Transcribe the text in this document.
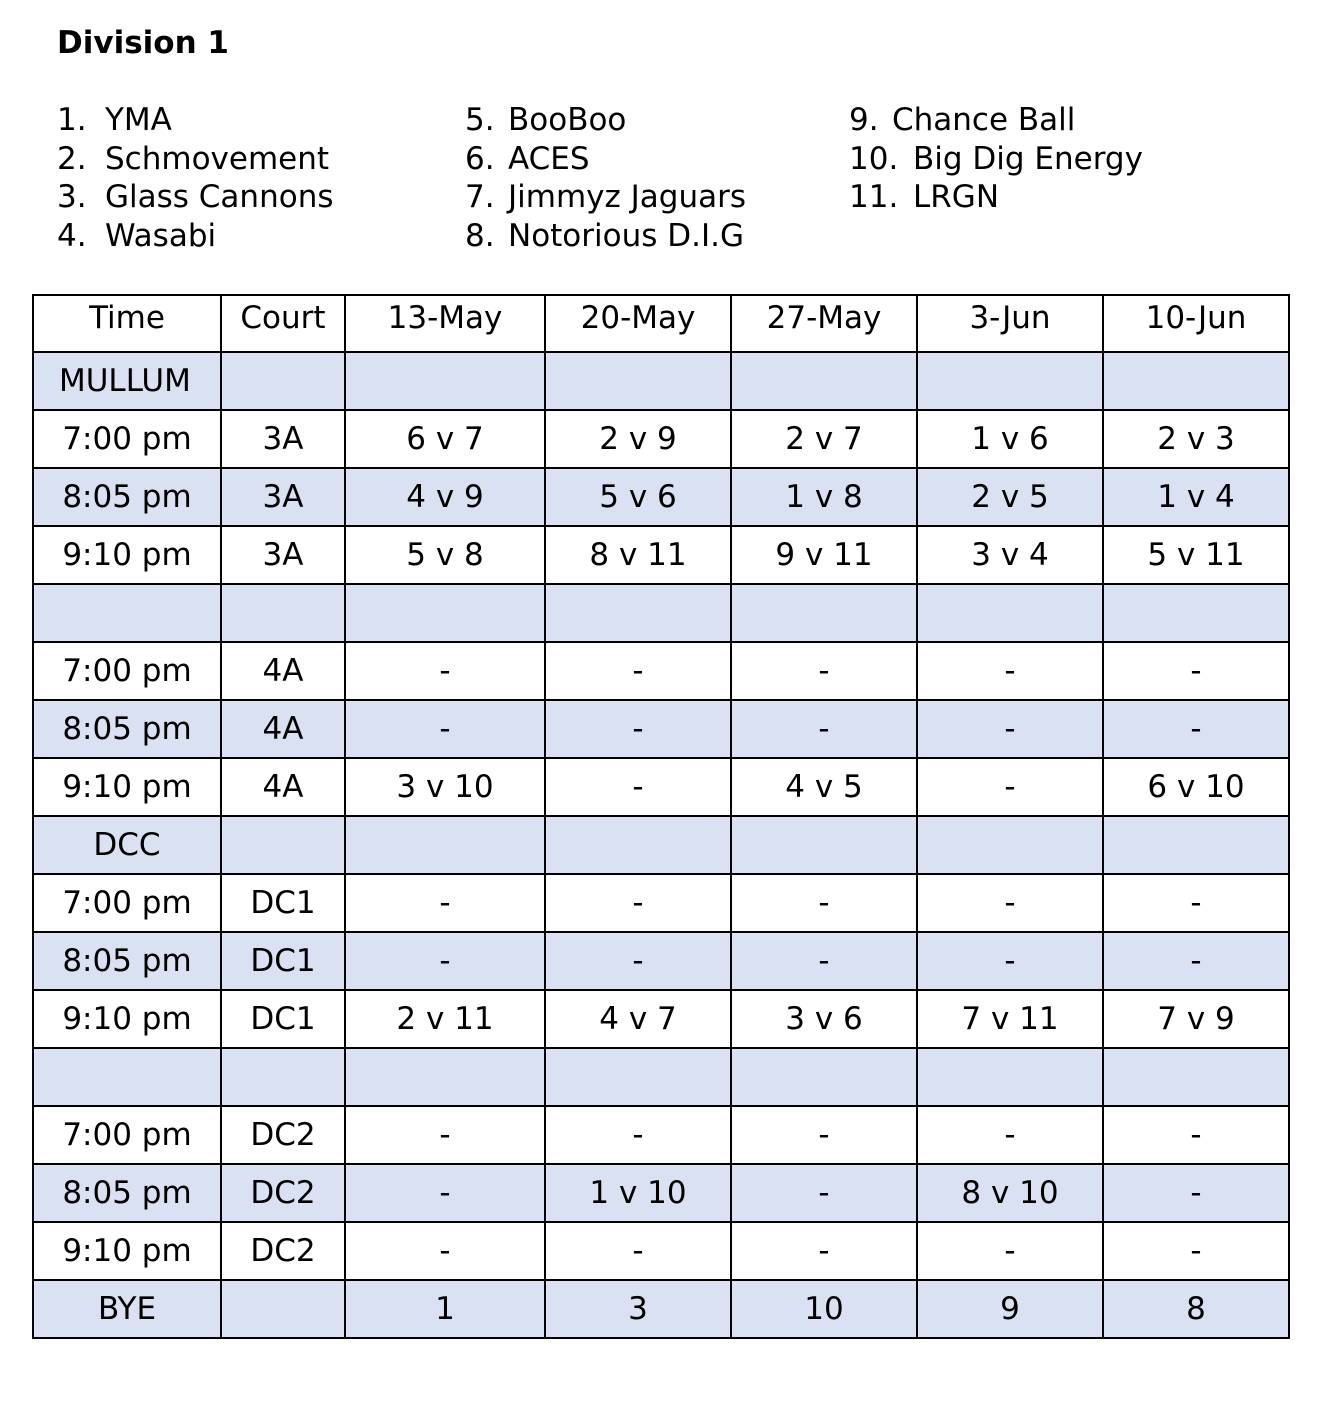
Division 1
1. YMA
2. Schmovement
3. Glass Cannons
4. Wasabi
5. BooBoo
6. ACES
7. Jimmyz Jaguars
8. Notorious D.I.G
9. Chance Ball
10. Big Dig Energy
11. LRGN
Time	Court	13-May	20-May	27-May	3-Jun	10-Jun
MULLUM						
7:00 pm	3A	6 v 7	2 v 9	2 v 7	1 v 6	2 v 3
8:05 pm	3A	4 v 9	5 v 6	1 v 8	2 v 5	1 v 4
9:10 pm	3A	5 v 8	8 v 11	9 v 11	3 v 4	5 v 11

7:00 pm	4A	-	-	-	-	-
8:05 pm	4A	-	-	-	-	-
9:10 pm	4A	3 v 10	-	4 v 5	-	6 v 10
DCC						
7:00 pm	DC1	-	-	-	-	-
8:05 pm	DC1	-	-	-	-	-
9:10 pm	DC1	2 v 11	4 v 7	3 v 6	7 v 11	7 v 9

7:00 pm	DC2	-	-	-	-	-
8:05 pm	DC2	-	1 v 10	-	8 v 10	-
9:10 pm	DC2	-	-	-	-	-
BYE		1	3	10	9	8
